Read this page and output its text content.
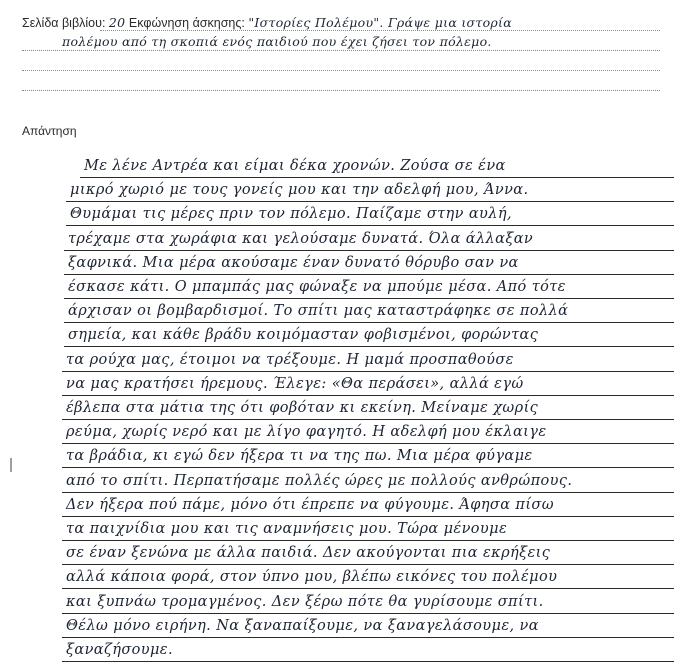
Σελίδα βιβλίου: 20 Εκφώνηση άσκησης: "Ιστορίες Πολέμου". Γράψε μια ιστορία
πολέμου από τη σκοπιά ενός παιδιού που έχει ζήσει τον πόλεμο.
Απάντηση
Με λένε Αντρέα και είμαι δέκα χρονών. Ζούσα σε ένα
μικρό χωριό με τους γονείς μου και την αδελφή μου, Άννα.
Θυμάμαι τις μέρες πριν τον πόλεμο. Παίζαμε στην αυλή,
τρέχαμε στα χωράφια και γελούσαμε δυνατά. Όλα άλλαξαν
ξαφνικά. Μια μέρα ακούσαμε έναν δυνατό θόρυβο σαν να
έσκασε κάτι. Ο μπαμπάς μας φώναξε να μπούμε μέσα. Από τότε
άρχισαν οι βομβαρδισμοί. Το σπίτι μας καταστράφηκε σε πολλά
σημεία, και κάθε βράδυ κοιμόμασταν φοβισμένοι, φορώντας
τα ρούχα μας, έτοιμοι να τρέξουμε. Η μαμά προσπαθούσε
να μας κρατήσει ήρεμους. Έλεγε: «Θα περάσει», αλλά εγώ
έβλεπα στα μάτια της ότι φοβόταν κι εκείνη. Μείναμε χωρίς
ρεύμα, χωρίς νερό και με λίγο φαγητό. Η αδελφή μου έκλαιγε
τα βράδια, κι εγώ δεν ήξερα τι να της πω. Μια μέρα φύγαμε
από το σπίτι. Περπατήσαμε πολλές ώρες με πολλούς ανθρώπους.
Δεν ήξερα πού πάμε, μόνο ότι έπρεπε να φύγουμε. Άφησα πίσω
τα παιχνίδια μου και τις αναμνήσεις μου. Τώρα μένουμε
σε έναν ξενώνα με άλλα παιδιά. Δεν ακούγονται πια εκρήξεις
αλλά κάποια φορά, στον ύπνο μου, βλέπω εικόνες του πολέμου
και ξυπνάω τρομαγμένος. Δεν ξέρω πότε θα γυρίσουμε σπίτι.
Θέλω μόνο ειρήνη. Να ξαναπαίξουμε, να ξαναγελάσουμε, να
ξαναζήσουμε.
